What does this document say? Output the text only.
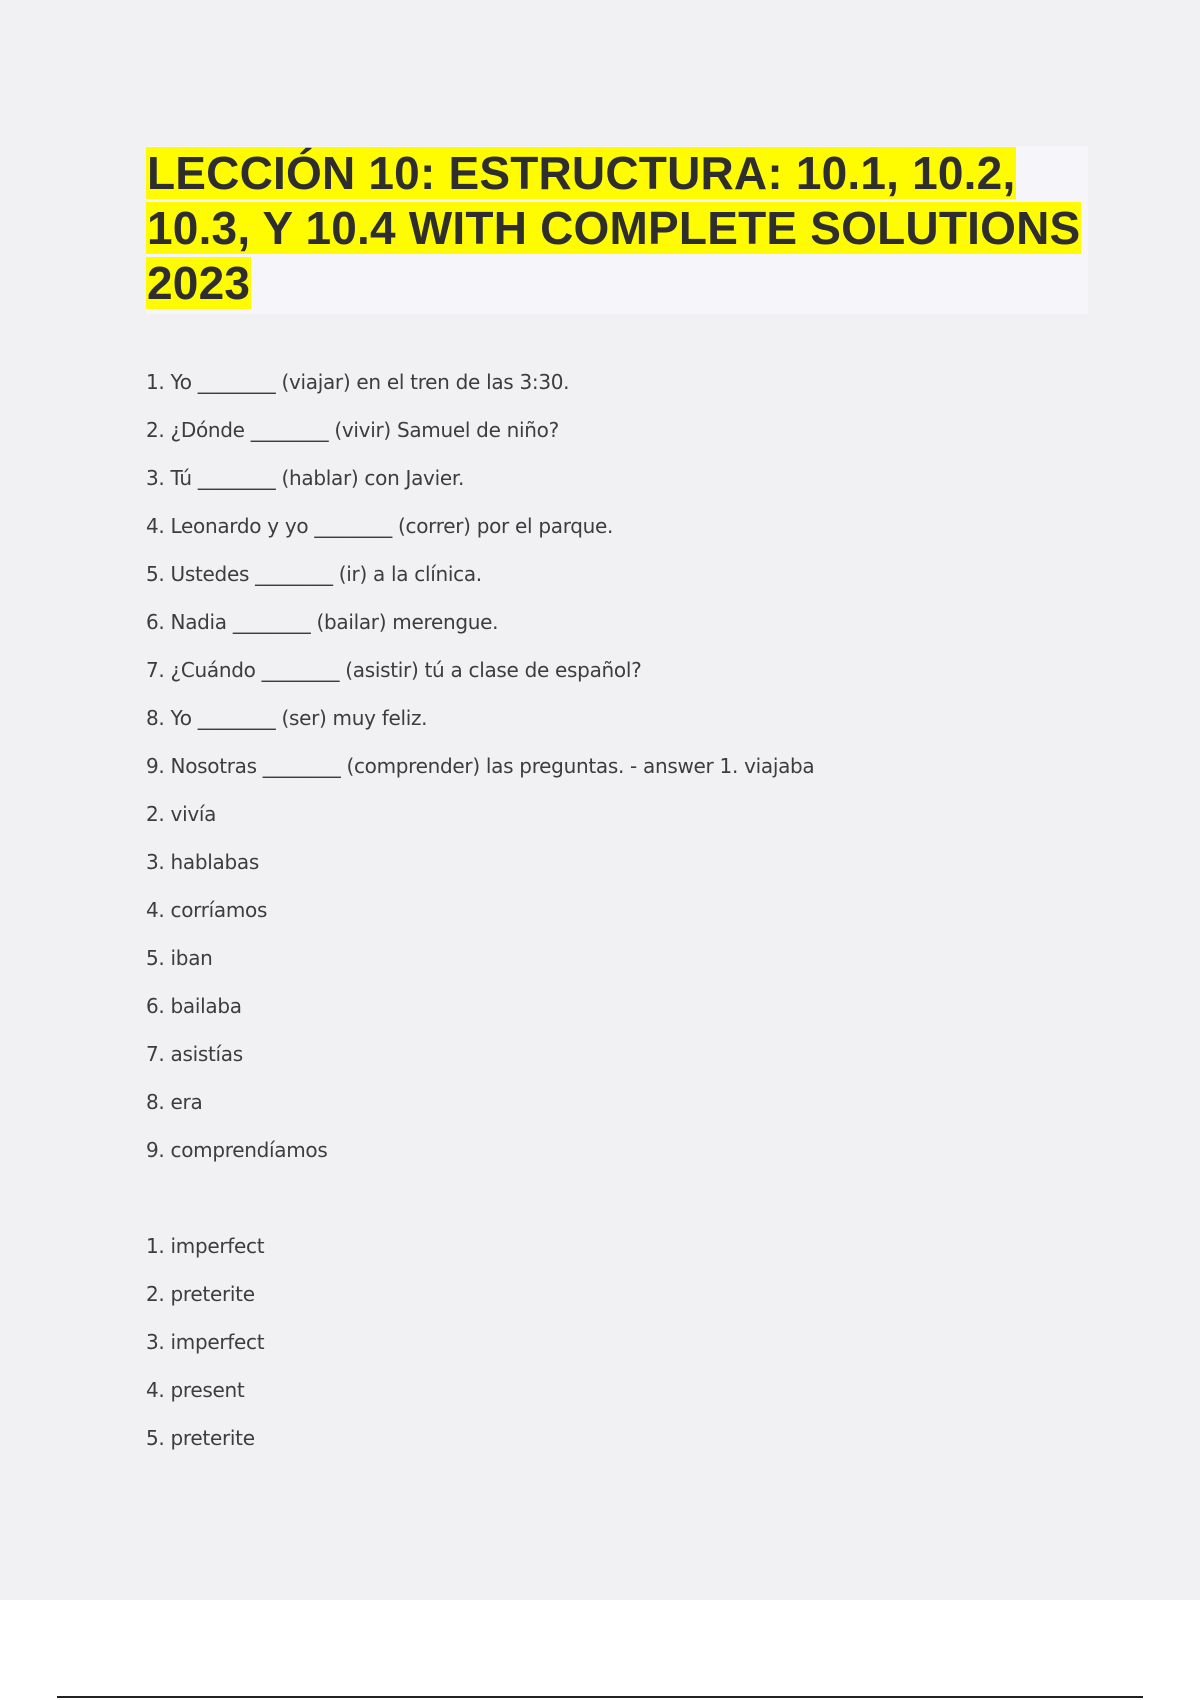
LECCIÓN 10: ESTRUCTURA: 10.1, 10.2, 10.3, Y 10.4 WITH COMPLETE SOLUTIONS 2023
1. Yo ________ (viajar) en el tren de las 3:30.
2. ¿Dónde ________ (vivir) Samuel de niño?
3. Tú ________ (hablar) con Javier.
4. Leonardo y yo ________ (correr) por el parque.
5. Ustedes ________ (ir) a la clínica.
6. Nadia ________ (bailar) merengue.
7. ¿Cuándo ________ (asistir) tú a clase de español?
8. Yo ________ (ser) muy feliz.
9. Nosotras ________ (comprender) las preguntas. - answer 1. viajaba
2. vivía
3. hablabas
4. corríamos
5. iban
6. bailaba
7. asistías
8. era
9. comprendíamos
1. imperfect
2. preterite
3. imperfect
4. present
5. preterite
